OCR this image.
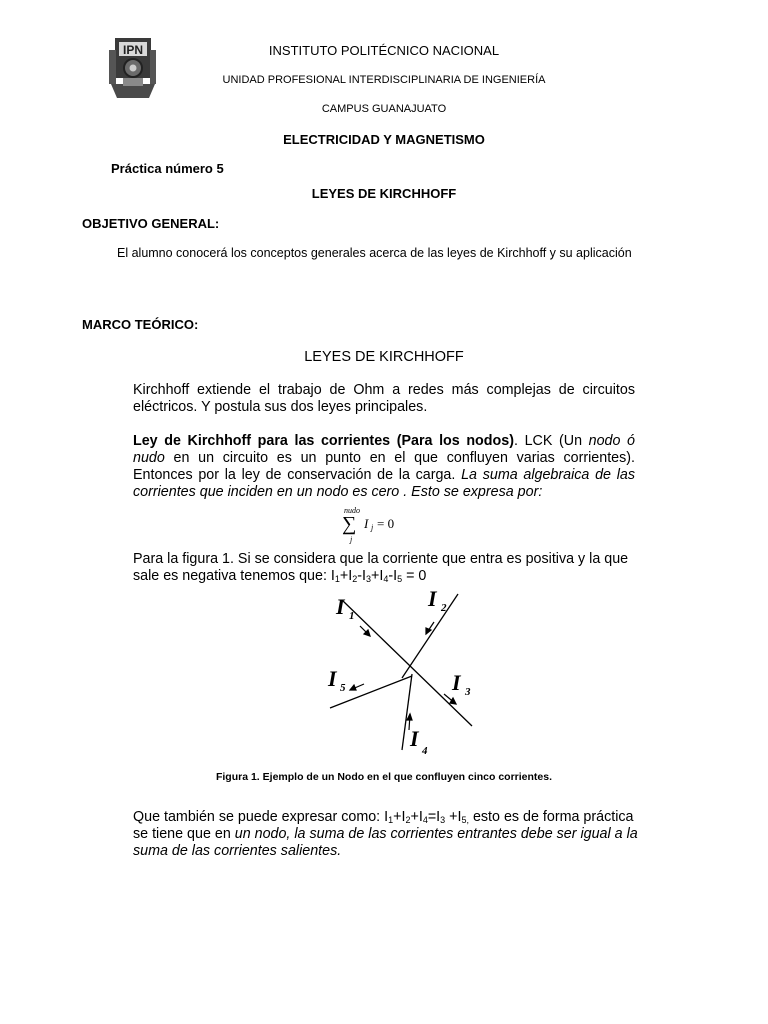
IPN	INSTITUTO POLITÉCNICO NACIONAL
UNIDAD PROFESIONAL INTERDISCIPLINARIA DE INGENIERÍA
CAMPUS GUANAJUATO
ELECTRICIDAD Y MAGNETISMO
Práctica número 5
LEYES DE KIRCHHOFF
OBJETIVO GENERAL:
El alumno conocerá los conceptos generales acerca de las leyes de Kirchhoff y su aplicación
MARCO TEÓRICO:
LEYES DE KIRCHHOFF
Kirchhoff extiende el trabajo de Ohm a redes más complejas de circuitos eléctricos. Y postula sus dos leyes principales.
Ley de Kirchhoff para las corrientes (Para los nodos). LCK (Un nodo ó nudo en un circuito es un punto en el que confluyen varias corrientes). Entonces por la ley de conservación de la carga. La suma algebraica de las corrientes que inciden en un nodo es cero . Esto se expresa por:
nudo
∑
j
I j = 0
Para la figura 1. Si se considera que la corriente que entra es positiva y la que sale es negativa tenemos que: $I_1+I_2-I_3+I_4-I_5 = 0$
I 1
I 2
I 3
I 4
I 5
Figura 1. Ejemplo de un Nodo en el que confluyen cinco corrientes.
Que también se puede expresar como: $I_1+I_2+I_4=I_3 +I_{5,}$ esto es de forma práctica se tiene que en un nodo, la suma de las corrientes entrantes debe ser igual a la suma de las corrientes salientes.
